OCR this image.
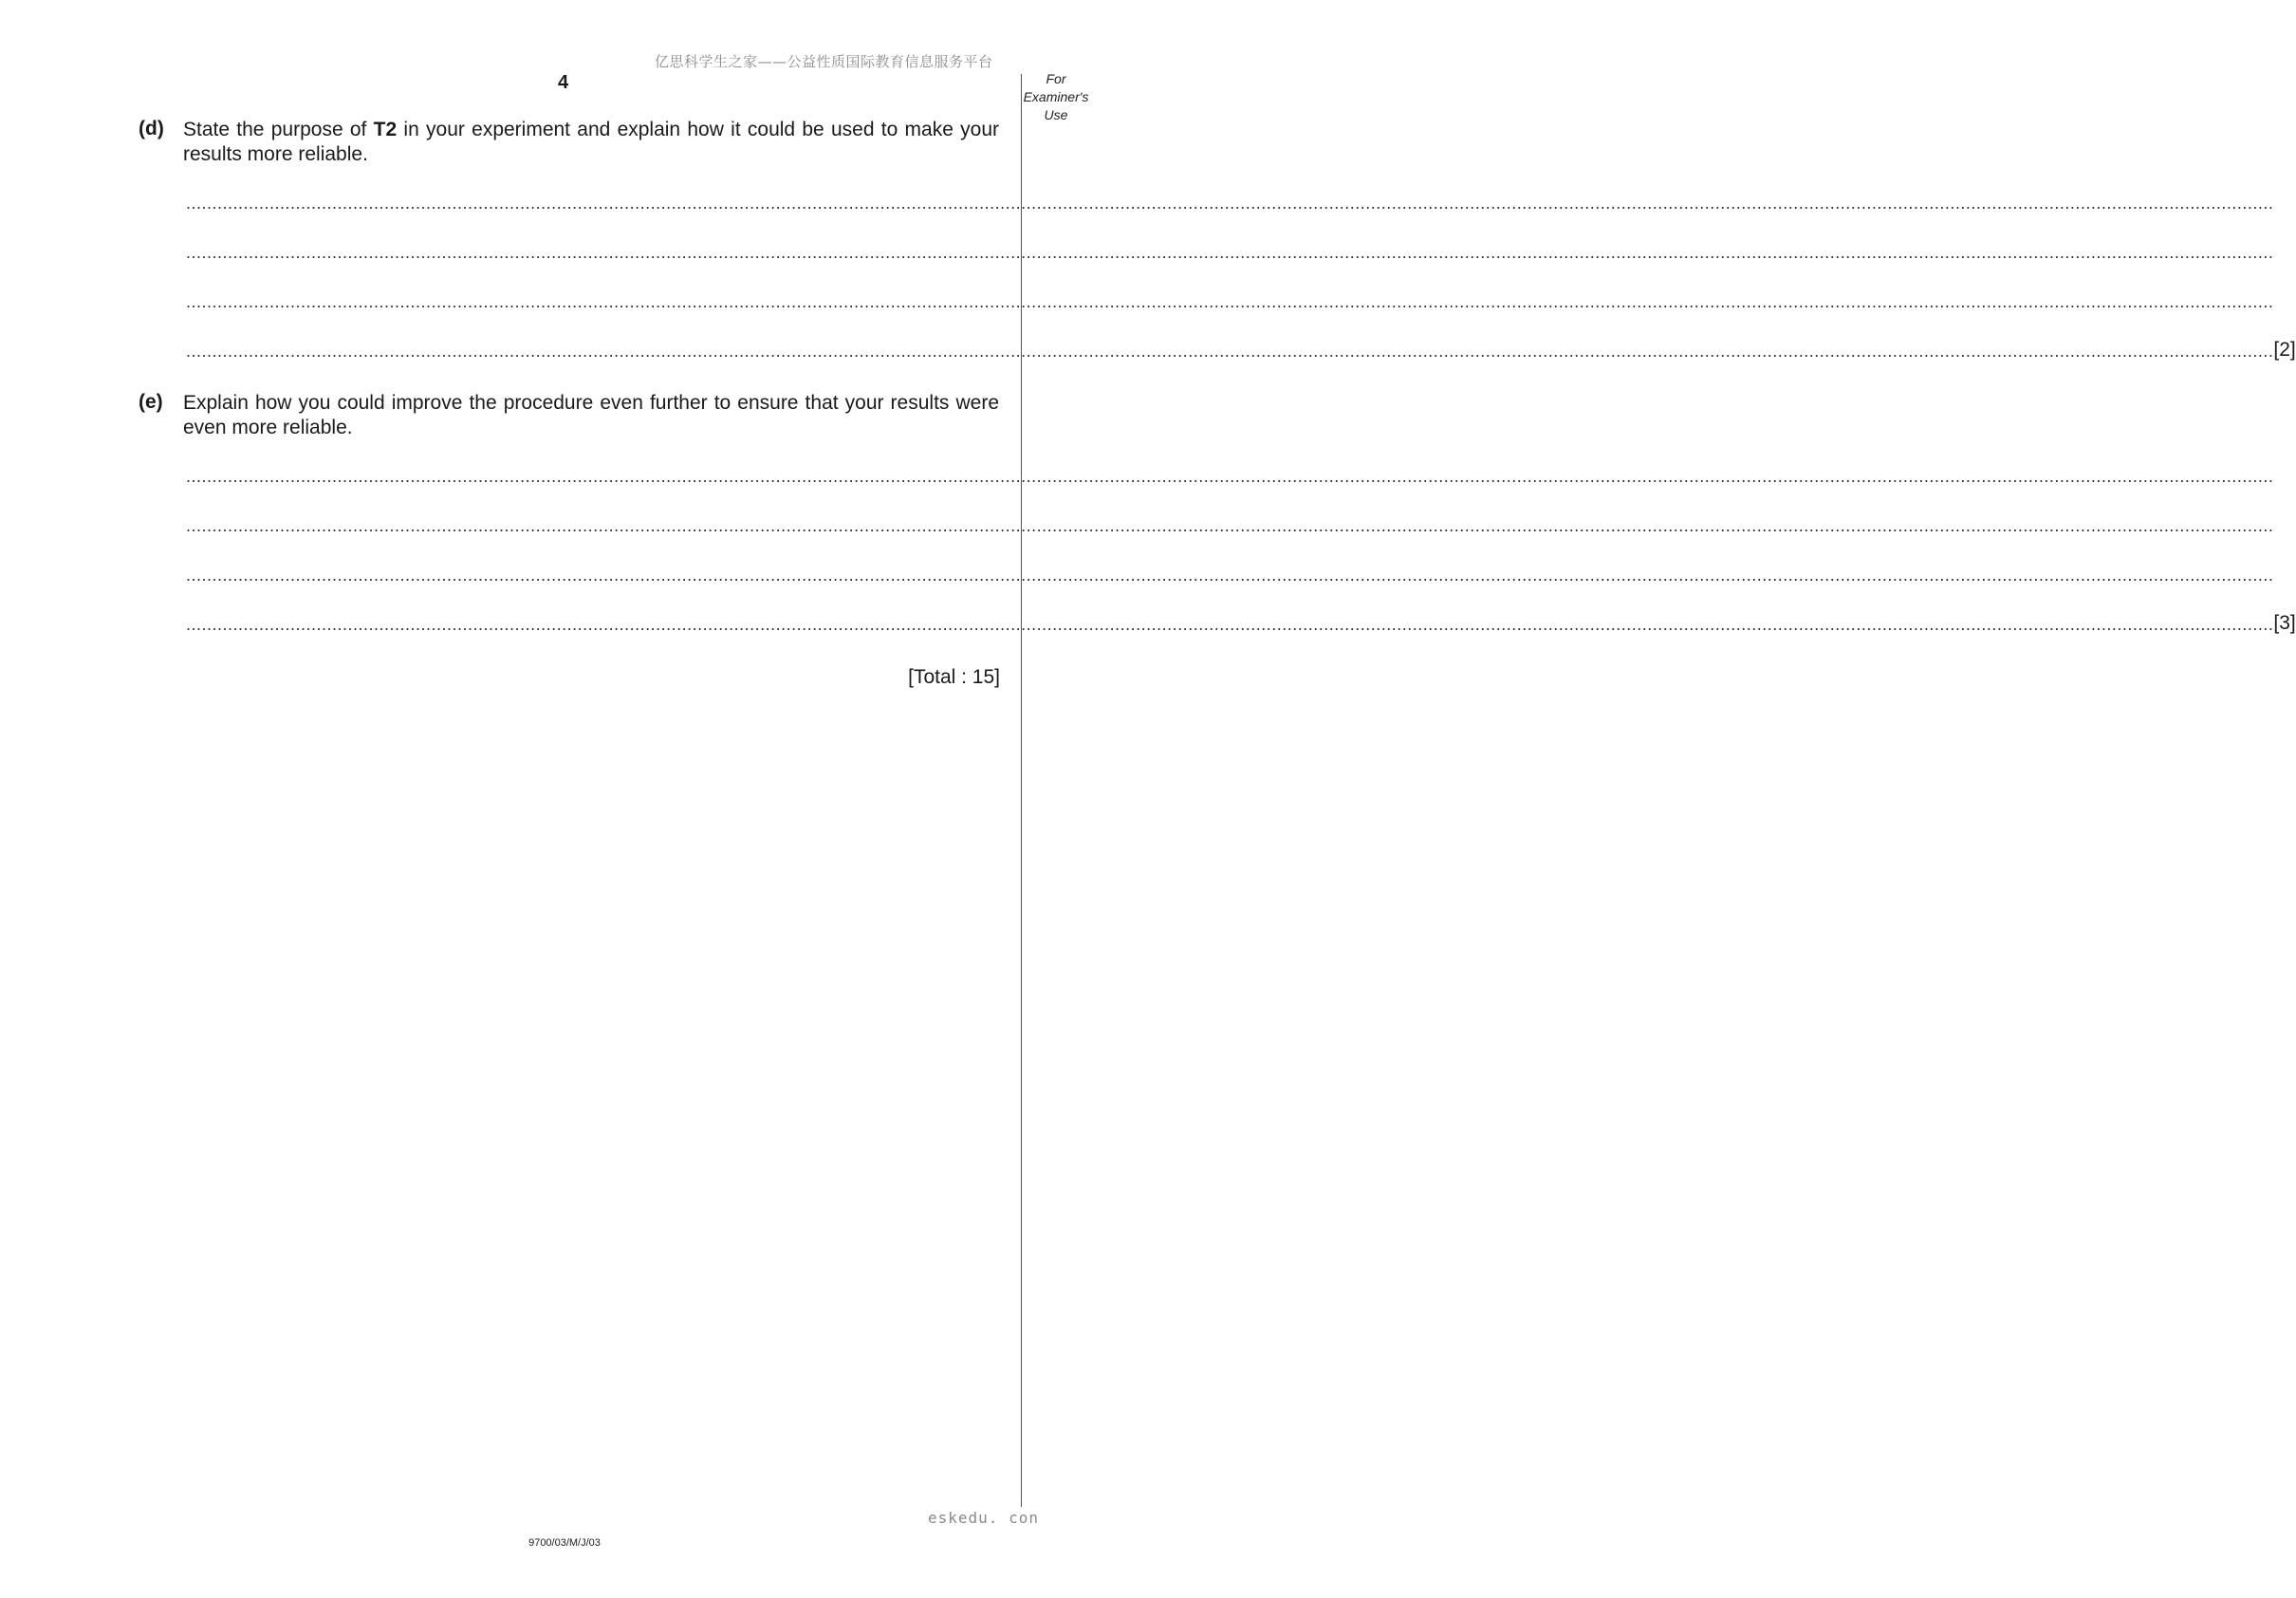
亿思科学生之家——公益性质国际教育信息服务平台
4	For
Examiner's
Use
(d) State the purpose of T2 in your experiment and explain how it could be used to make your results more reliable.
................................................................................................................................................................................................................................................................................................................................................................................................................
................................................................................................................................................................................................................................................................................................................................................................................................................
................................................................................................................................................................................................................................................................................................................................................................................................................
................................................................................................................................................................................................................................................................................................................................................................................................................ [2]
(e) Explain how you could improve the procedure even further to ensure that your results were even more reliable.
................................................................................................................................................................................................................................................................................................................................................................................................................
................................................................................................................................................................................................................................................................................................................................................................................................................
................................................................................................................................................................................................................................................................................................................................................................................................................
................................................................................................................................................................................................................................................................................................................................................................................................................ [3]
[Total : 15]
eskedu. con
9700/03/M/J/03
